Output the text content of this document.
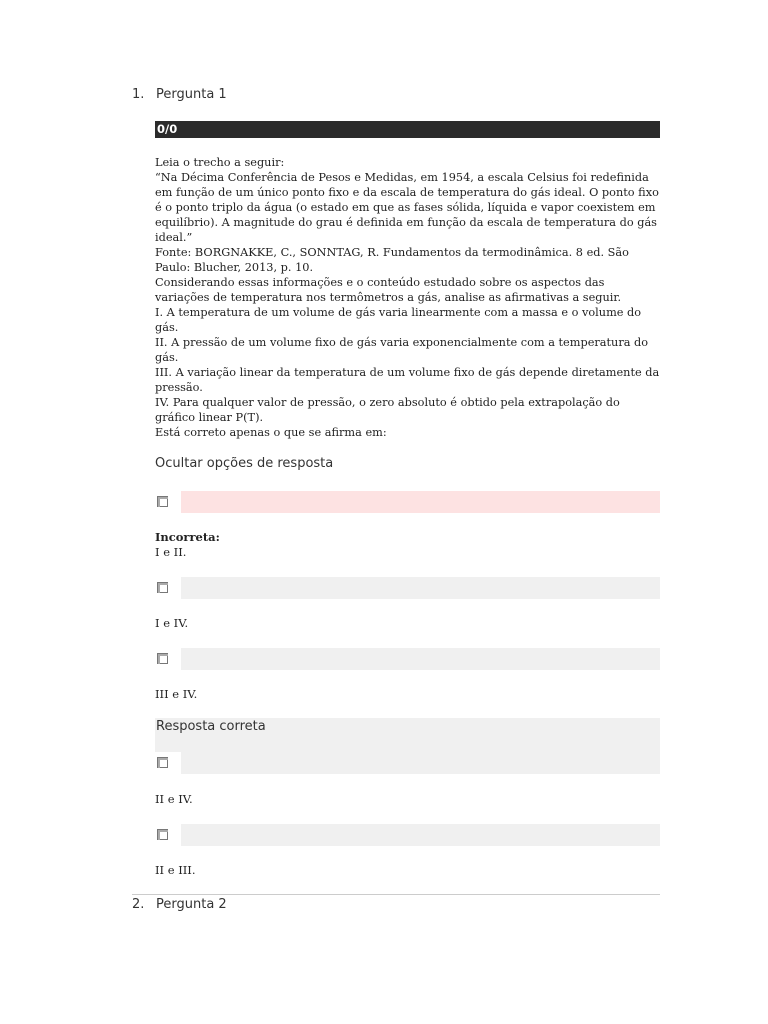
1. Pergunta 1
0/0

Leia o trecho a seguir:

“Na Décima Conferência de Pesos e Medidas, em 1954, a escala Celsius foi redefinida em função de um único ponto fixo e da escala de temperatura do gás ideal. O ponto fixo é o ponto triplo da água (o estado em que as fases sólida, líquida e vapor coexistem em equilíbrio). A magnitude do grau é definida em função da escala de temperatura do gás ideal.”

Fonte: BORGNAKKE, C., SONNTAG, R. Fundamentos da termodinâmica. 8 ed. São Paulo: Blucher, 2013, p. 10.

Considerando essas informações e o conteúdo estudado sobre os aspectos das variações de temperatura nos termômetros a gás, analise as afirmativas a seguir.

I. A temperatura de um volume de gás varia linearmente com a massa e o volume do gás.

II. A pressão de um volume fixo de gás varia exponencialmente com a temperatura do gás.

III. A variação linear da temperatura de um volume fixo de gás depende diretamente da pressão.

IV. Para qualquer valor de pressão, o zero absoluto é obtido pela extrapolação do gráfico linear P(T).

Está correto apenas o que se afirma em:

Ocultar opções de resposta
Incorreta:
I e II.
I e IV.
III e IV.
Resposta correta
II e IV.
II e III.
2. Pergunta 2
